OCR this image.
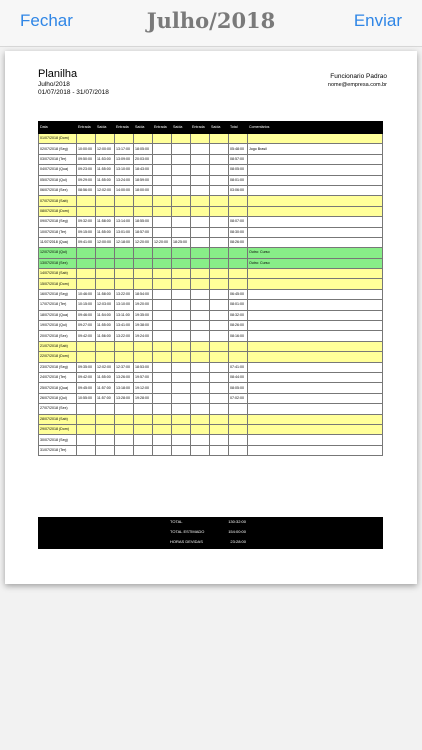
Fechar	Julho/2018	Enviar
Planilha
Julho/2018
01/07/2018 - 31/07/2018
Funcionario Padrao
nome@empresa.com.br
Data	Entrada	Saída	Entrada	Saída	Entrada	Saída	Entrada	Saída	Total	Comentários
01/07/2018 (Dom)										
02/07/2018 (Seg)	10:00:00	12:00:00	13:17:00	18:05:00					05:48:00	Jogo Brasil
03/07/2018 (Ter)	09:50:00	11:53:00	13:09:00	20:03:00					08:57:00	
04/07/2018 (Qua)	09:23:00	11:55:00	13:10:00	18:43:00					08:05:00	
05/07/2018 (Qui)	09:29:00	11:55:00	13:24:00	18:59:00					08:01:00	
06/07/2018 (Sex)	08:56:00	12:02:00	14:00:00	18:00:00					03:06:00	
07/07/2018 (Sab)										
08/07/2018 (Dom)										
09/07/2018 (Seg)	09:32:00	11:58:00	13:14:00	18:55:00					08:07:00	
10/07/2018 (Ter)	09:15:00	11:55:00	13:01:00	18:57:00					08:30:00	
11/07/2018 (Qua)	09:41:00	12:00:00	12:18:00	12:20:00	12:20:00	18:25:00			08:26:00	
12/07/2018 (Qui)										Outro: Curso
13/07/2018 (Sex)										Outro: Curso
14/07/2018 (Sab)										
15/07/2018 (Dom)										
16/07/2018 (Seg)	10:46:00	11:58:00	13:22:00	18:54:00					06:45:00	
17/07/2018 (Ter)	10:15:00	12:03:00	13:10:00	19:20:00					08:01:00	
18/07/2018 (Qua)	09:46:00	11:54:00	13:11:00	19:35:00					08:32:00	
19/07/2018 (Qui)	09:27:00	11:55:00	13:41:00	19:38:00					08:26:00	
20/07/2018 (Sex)	09:42:00	11:56:00	13:22:00	19:24:00					08:16:00	
21/07/2018 (Sab)										
22/07/2018 (Dom)										
23/07/2018 (Seg)	09:35:00	12:02:00	12:37:00	18:53:00					07:41:00	
24/07/2018 (Ter)	09:42:00	11:55:00	13:26:00	19:57:00					08:44:00	
25/07/2018 (Qua)	09:45:00	11:57:00	13:18:00	19:12:00					08:05:00	
26/07/2018 (Qui)	10:55:00	11:57:00	13:28:00	19:28:00					07:02:00	
27/07/2018 (Sex)										
28/07/2018 (Sab)										
29/07/2018 (Dom)										
30/07/2018 (Seg)										
31/07/2018 (Ter)										
TOTAL	130:32:00
TOTAL ESTIMADO	154:00:00
HORAS DEVIDAS	23:28:00
